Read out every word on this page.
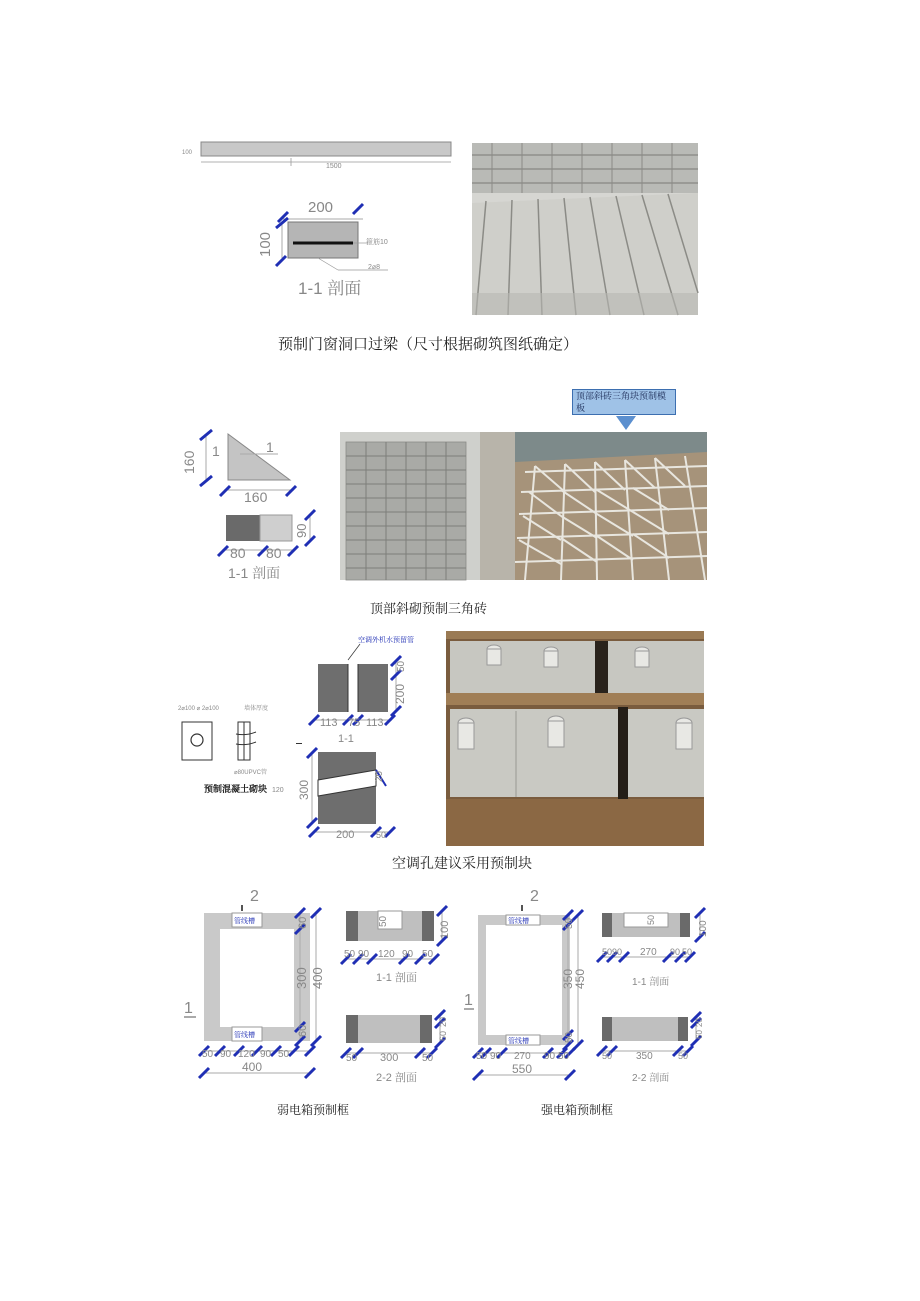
1500
100
200
100	箍筋10
2⌀8
1-1 剖面
预制门窗洞口过梁（尺寸根据砌筑图纸确定）
160 1	1
160
80 80
90
1-1 剖面
顶部斜砖三角块预制模板
顶部斜砌预制三角砖
2⌀100 ⌀ 2⌀100	墙体厚度
⌀80UPVC管
预制混凝土砌块 120
空调外机水预留管
50
200
113 75 113
1-1
300
20
200 50
空调孔建议采用预制块
2
1
管线槽
管线槽
60
300
60
400
50 90 120 90 50
400
50	100
50 90 120 90 50
1-1 剖面
20
60
50 300 50
2-2 剖面
弱电箱预制框
2
1
管线槽
管线槽
50
350
50
450
50 90 270 90 50
550
50
100
50 90 270 90 50
1-1 剖面
20
60
50 350	50
2-2 剖面
强电箱预制框
